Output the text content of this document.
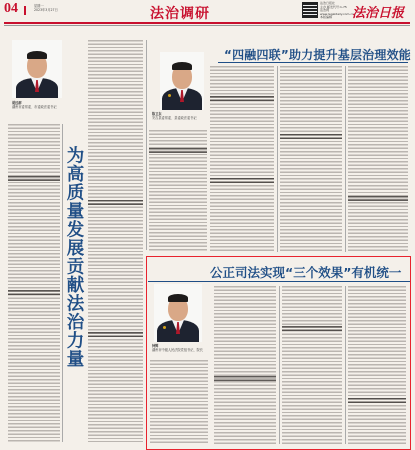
04	星期一
2023年3月27日	法治调研
法治日报社
主办 邮发代号:1-75
法治网 www.legaldaily.com.cn
本版编辑	法治日报
胡远群
湖州市委常委、市委政法委书记
为高质量发展贡献法治力量
“四融四联”助力提升基层治理效能
陈卫东
安吉县委常委、县委政法委书记
公正司法实现“三个效果”有机统一
钟辉
湖州市中级人民法院党组书记、院长
